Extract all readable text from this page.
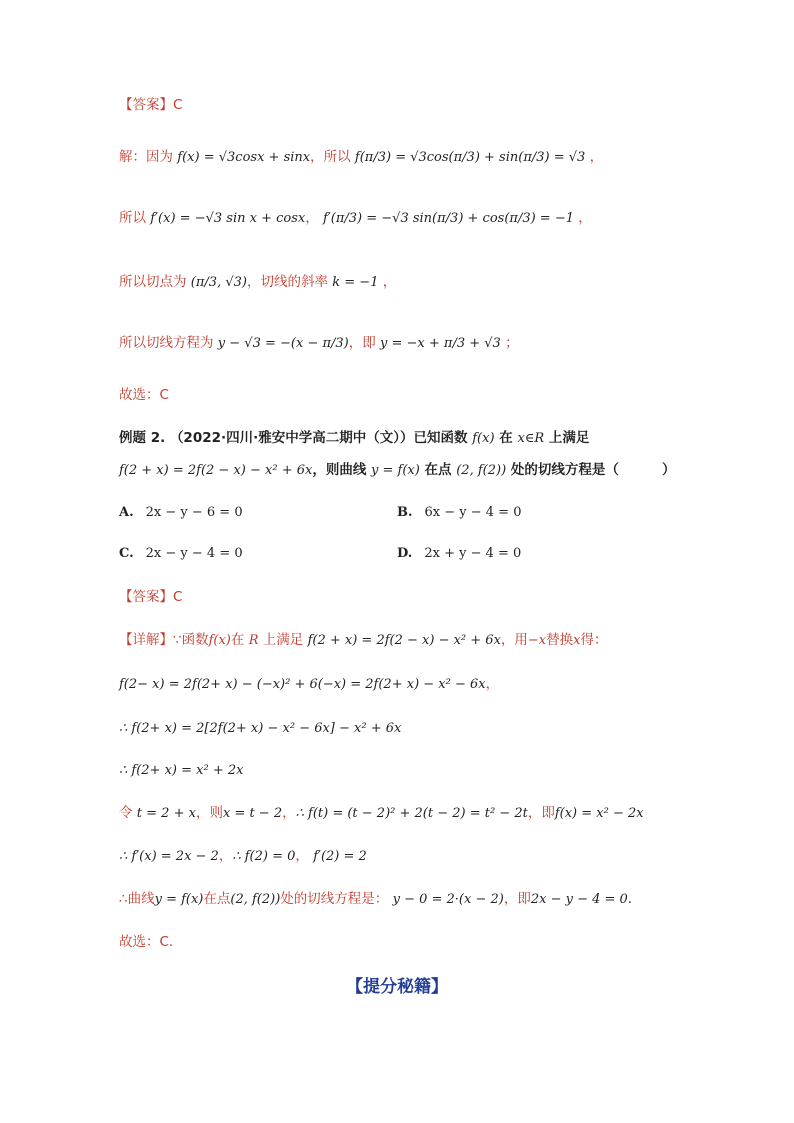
【答案】C
解：因为 f(x) = √3cosx + sinx，所以 f(π/3) = √3cos(π/3) + sin(π/3) = √3 ，
所以 f′(x) = −√3 sin x + cosx， f′(π/3) = −√3 sin(π/3) + cos(π/3) = −1 ，
所以切点为 (π/3, √3)，切线的斜率 k = −1 ，
所以切线方程为 y − √3 = −(x − π/3)，即 y = −x + π/3 + √3 ；
故选：C
例题 2. （2022·四川·雅安中学高二期中（文））已知函数 f(x) 在 x∈R 上满足
f(2 + x) = 2f(2 − x) − x² + 6x，则曲线 y = f(x) 在点 (2, f(2)) 处的切线方程是（	）
A. 2x − y − 6 = 0	B. 6x − y − 4 = 0
C. 2x − y − 4 = 0	D. 2x + y − 4 = 0
【答案】C
【详解】∵函数f(x)在 R 上满足 f(2 + x) = 2f(2 − x) − x² + 6x，用−x替换x得：
f(2− x) = 2f(2+ x) − (−x)² + 6(−x) = 2f(2+ x) − x² − 6x，
∴ f(2+ x) = 2[2f(2+ x) − x² − 6x] − x² + 6x
∴ f(2+ x) = x² + 2x
令 t = 2 + x，则x = t − 2，∴ f(t) = (t − 2)² + 2(t − 2) = t² − 2t，即f(x) = x² − 2x
∴ f′(x) = 2x − 2，∴ f(2) = 0， f′(2) = 2
∴曲线y = f(x)在点(2, f(2))处的切线方程是： y − 0 = 2·(x − 2)，即2x − y − 4 = 0.
故选：C.
【提分秘籍】
